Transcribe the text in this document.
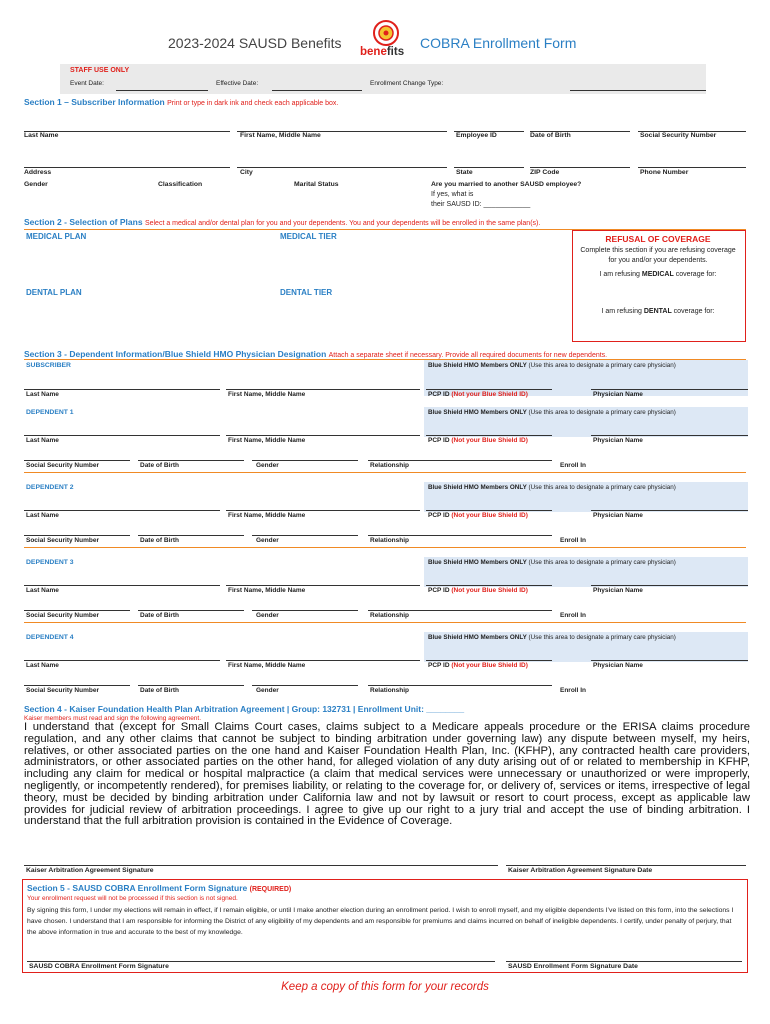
2023-2024 SAUSD Benefits
benefits
COBRA Enrollment Form
STAFF USE ONLY
Event Date:	Effective Date:	Enrollment Change Type:
Section 1 – Subscriber Information Print or type in dark ink and check each applicable box.
Last Name	First Name, Middle Name	Employee ID	Date of Birth	Social Security Number
Address	City	State	ZIP Code	Phone Number
Gender	Classification	Marital Status	Are you married to another SAUSD employee?
If yes, what is
their SAUSD ID: ____________
Section 2 - Selection of Plans Select a medical and/or dental plan for you and your dependents. You and your dependents will be enrolled in the same plan(s).
MEDICAL PLAN	MEDICAL TIER
DENTAL PLAN	DENTAL TIER
REFUSAL OF COVERAGE
Complete this section if you are refusing coverage for you and/or your dependents.
I am refusing MEDICAL coverage for:
I am refusing DENTAL coverage for:
Section 3 - Dependent Information/Blue Shield HMO Physician Designation Attach a separate sheet if necessary. Provide all required documents for new dependents.
SUBSCRIBER	Blue Shield HMO Members ONLY (Use this area to designate a primary care physician)
Last Name	First Name, Middle Name	PCP ID (Not your Blue Shield ID)	Physician Name
DEPENDENT 1	Blue Shield HMO Members ONLY (Use this area to designate a primary care physician)
Last Name	First Name, Middle Name	PCP ID (Not your Blue Shield ID)	Physician Name
Social Security Number	Date of Birth	Gender	Relationship	Enroll In
DEPENDENT 2	Blue Shield HMO Members ONLY (Use this area to designate a primary care physician)
Last Name	First Name, Middle Name	PCP ID (Not your Blue Shield ID)	Physician Name
Social Security Number	Date of Birth	Gender	Relationship	Enroll In
DEPENDENT 3	Blue Shield HMO Members ONLY (Use this area to designate a primary care physician)
Last Name	First Name, Middle Name	PCP ID (Not your Blue Shield ID)	Physician Name
Social Security Number	Date of Birth	Gender	Relationship	Enroll In
DEPENDENT 4	Blue Shield HMO Members ONLY (Use this area to designate a primary care physician)
Last Name	First Name, Middle Name	PCP ID (Not your Blue Shield ID)	Physician Name
Social Security Number	Date of Birth	Gender	Relationship	Enroll In
Section 4 - Kaiser Foundation Health Plan Arbitration Agreement | Group: 132731 | Enrollment Unit: ________
Kaiser members must read and sign the following agreement.
I understand that (except for Small Claims Court cases, claims subject to a Medicare appeals procedure or the ERISA claims procedure regulation, and any other claims that cannot be subject to binding arbitration under governing law) any dispute between myself, my heirs, relatives, or other associated parties on the one hand and Kaiser Foundation Health Plan, Inc. (KFHP), any contracted health care providers, administrators, or other associated parties on the other hand, for alleged violation of any duty arising out of or related to membership in KFHP, including any claim for medical or hospital malpractice (a claim that medical services were unnecessary or unauthorized or were improperly, negligently, or incompetently rendered), for premises liability, or relating to the coverage for, or delivery of, services or items, irrespective of legal theory, must be decided by binding arbitration under California law and not by lawsuit or resort to court process, except as applicable law provides for judicial review of arbitration proceedings. I agree to give up our right to a jury trial and accept the use of binding arbitration. I understand that the full arbitration provision is contained in the Evidence of Coverage.
Kaiser Arbitration Agreement Signature	Kaiser Arbitration Agreement Signature Date
Section 5 - SAUSD COBRA Enrollment Form Signature (REQUIRED)
Your enrollment request will not be processed if this section is not signed.
By signing this form, I under my elections will remain in effect, if I remain eligible, or until I make another election during an enrollment period. I wish to enroll myself, and my eligible dependents I’ve listed on this form, into the selections I have chosen. I understand that I am responsible for informing the District of any eligibility of my dependents and am responsible for premiums and claims incurred on behalf of ineligible dependents. I certify, under penalty of perjury, that the above information in true and accurate to the best of my knowledge.
SAUSD COBRA Enrollment Form Signature	SAUSD Enrollment Form Signature Date
Keep a copy of this form for your records
